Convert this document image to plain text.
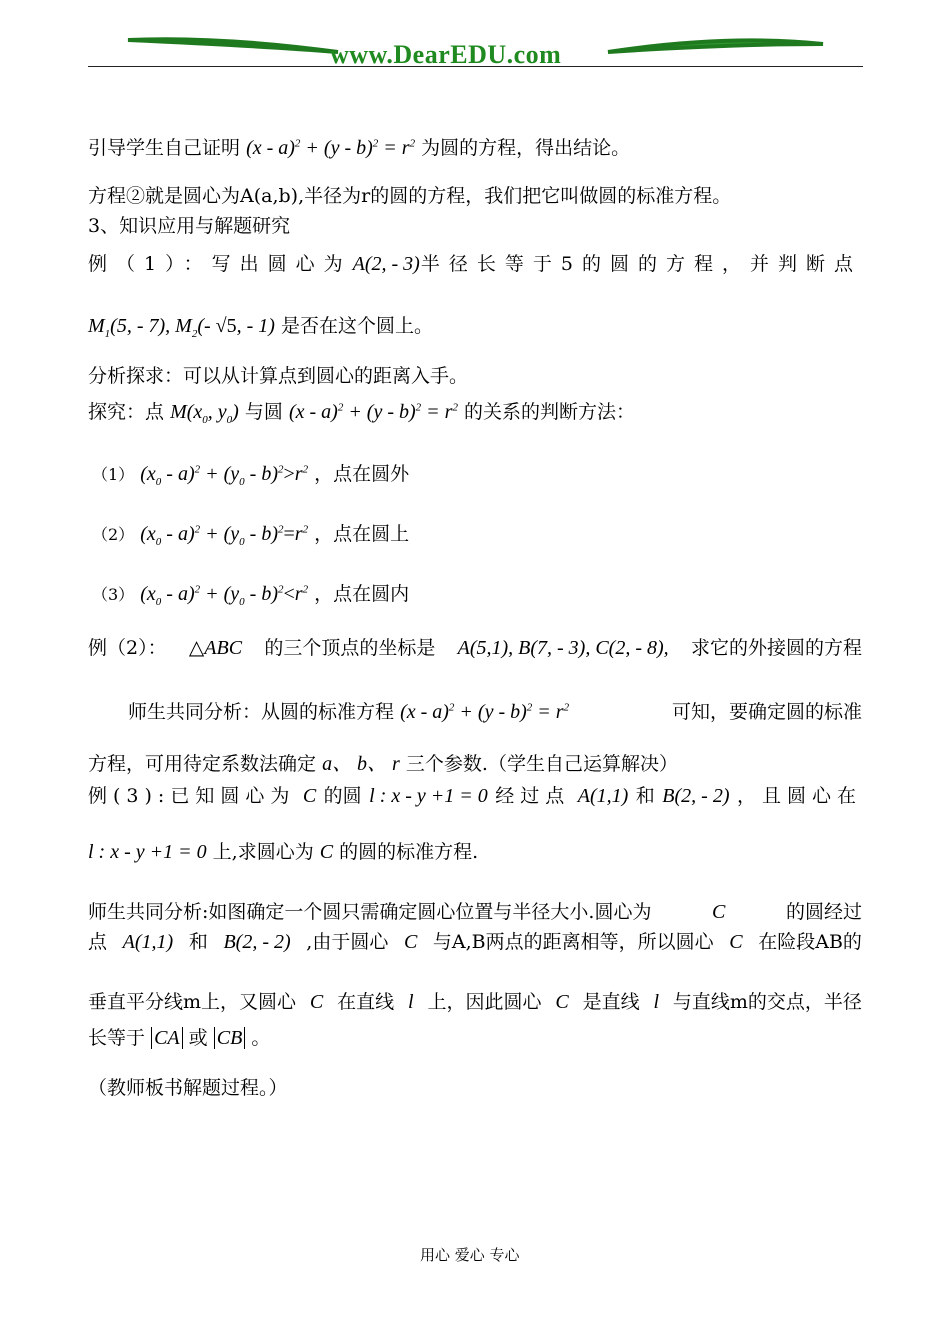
www.DearEDU.com
引导学生自己证明 $(x - a)^2 + (y - b)^2 = r^2$ 为圆的方程，得出结论。
方程②就是圆心为A(a,b),半径为r的圆的方程，我们把它叫做圆的标准方程。
3、知识应用与解题研究
例（1）：写出圆心为 A(2, - 3) 半径长等于5的圆的方程，并判断点
$M_1(5$, - 7), $M_2(-$ √5, - 1) 是否在这个圆上。
分析探求：可以从计算点到圆心的距离入手。
探究：点 $M(x_0$, $y_0$) 与圆 $(x - a)^2 + (y - b)^2 = r^2$ 的关系的判断方法：
（1） $(x_0 - a)^2 + (y_0 - b)^2>r^2$ ，点在圆外
（2） $(x_0 - a)^2 + (y_0 - b)^2=r^2$ ，点在圆上
（3） $(x_0 - a)^2 + (y_0 - b)^2<r^2$ ，点在圆内
例（2）： △ABC 的三个顶点的坐标是 A(5,1), B(7, - 3), C(2, - 8), 求它的外接圆的方程
师生共同分析：从圆的标准方程 $(x - a)^2 + (y - b)^2 = r^2$	可知，要确定圆的标准
方程，可用待定系数法确定 a、 b、 r 三个参数.（学生自己运算解决）
例(3):已知圆心为 C 的圆 l : x - y +1 = 0 经过点 A(1,1) 和 B(2, - 2) ，且圆心在
l : x - y +1 = 0 上,求圆心为 C 的圆的标准方程.
师生共同分析:如图确定一个圆只需确定圆心位置与半径大小.圆心为	C	的圆经过
点 A(1,1) 和 B(2, - 2) ,由于圆心 C 与A,B两点的距离相等，所以圆心 C 在险段AB的
垂直平分线m上，又圆心 C 在直线 l 上，因此圆心 C 是直线 l 与直线m的交点，半径
长等于 CA 或 CB 。
（教师板书解题过程。）
用心 爱心 专心
